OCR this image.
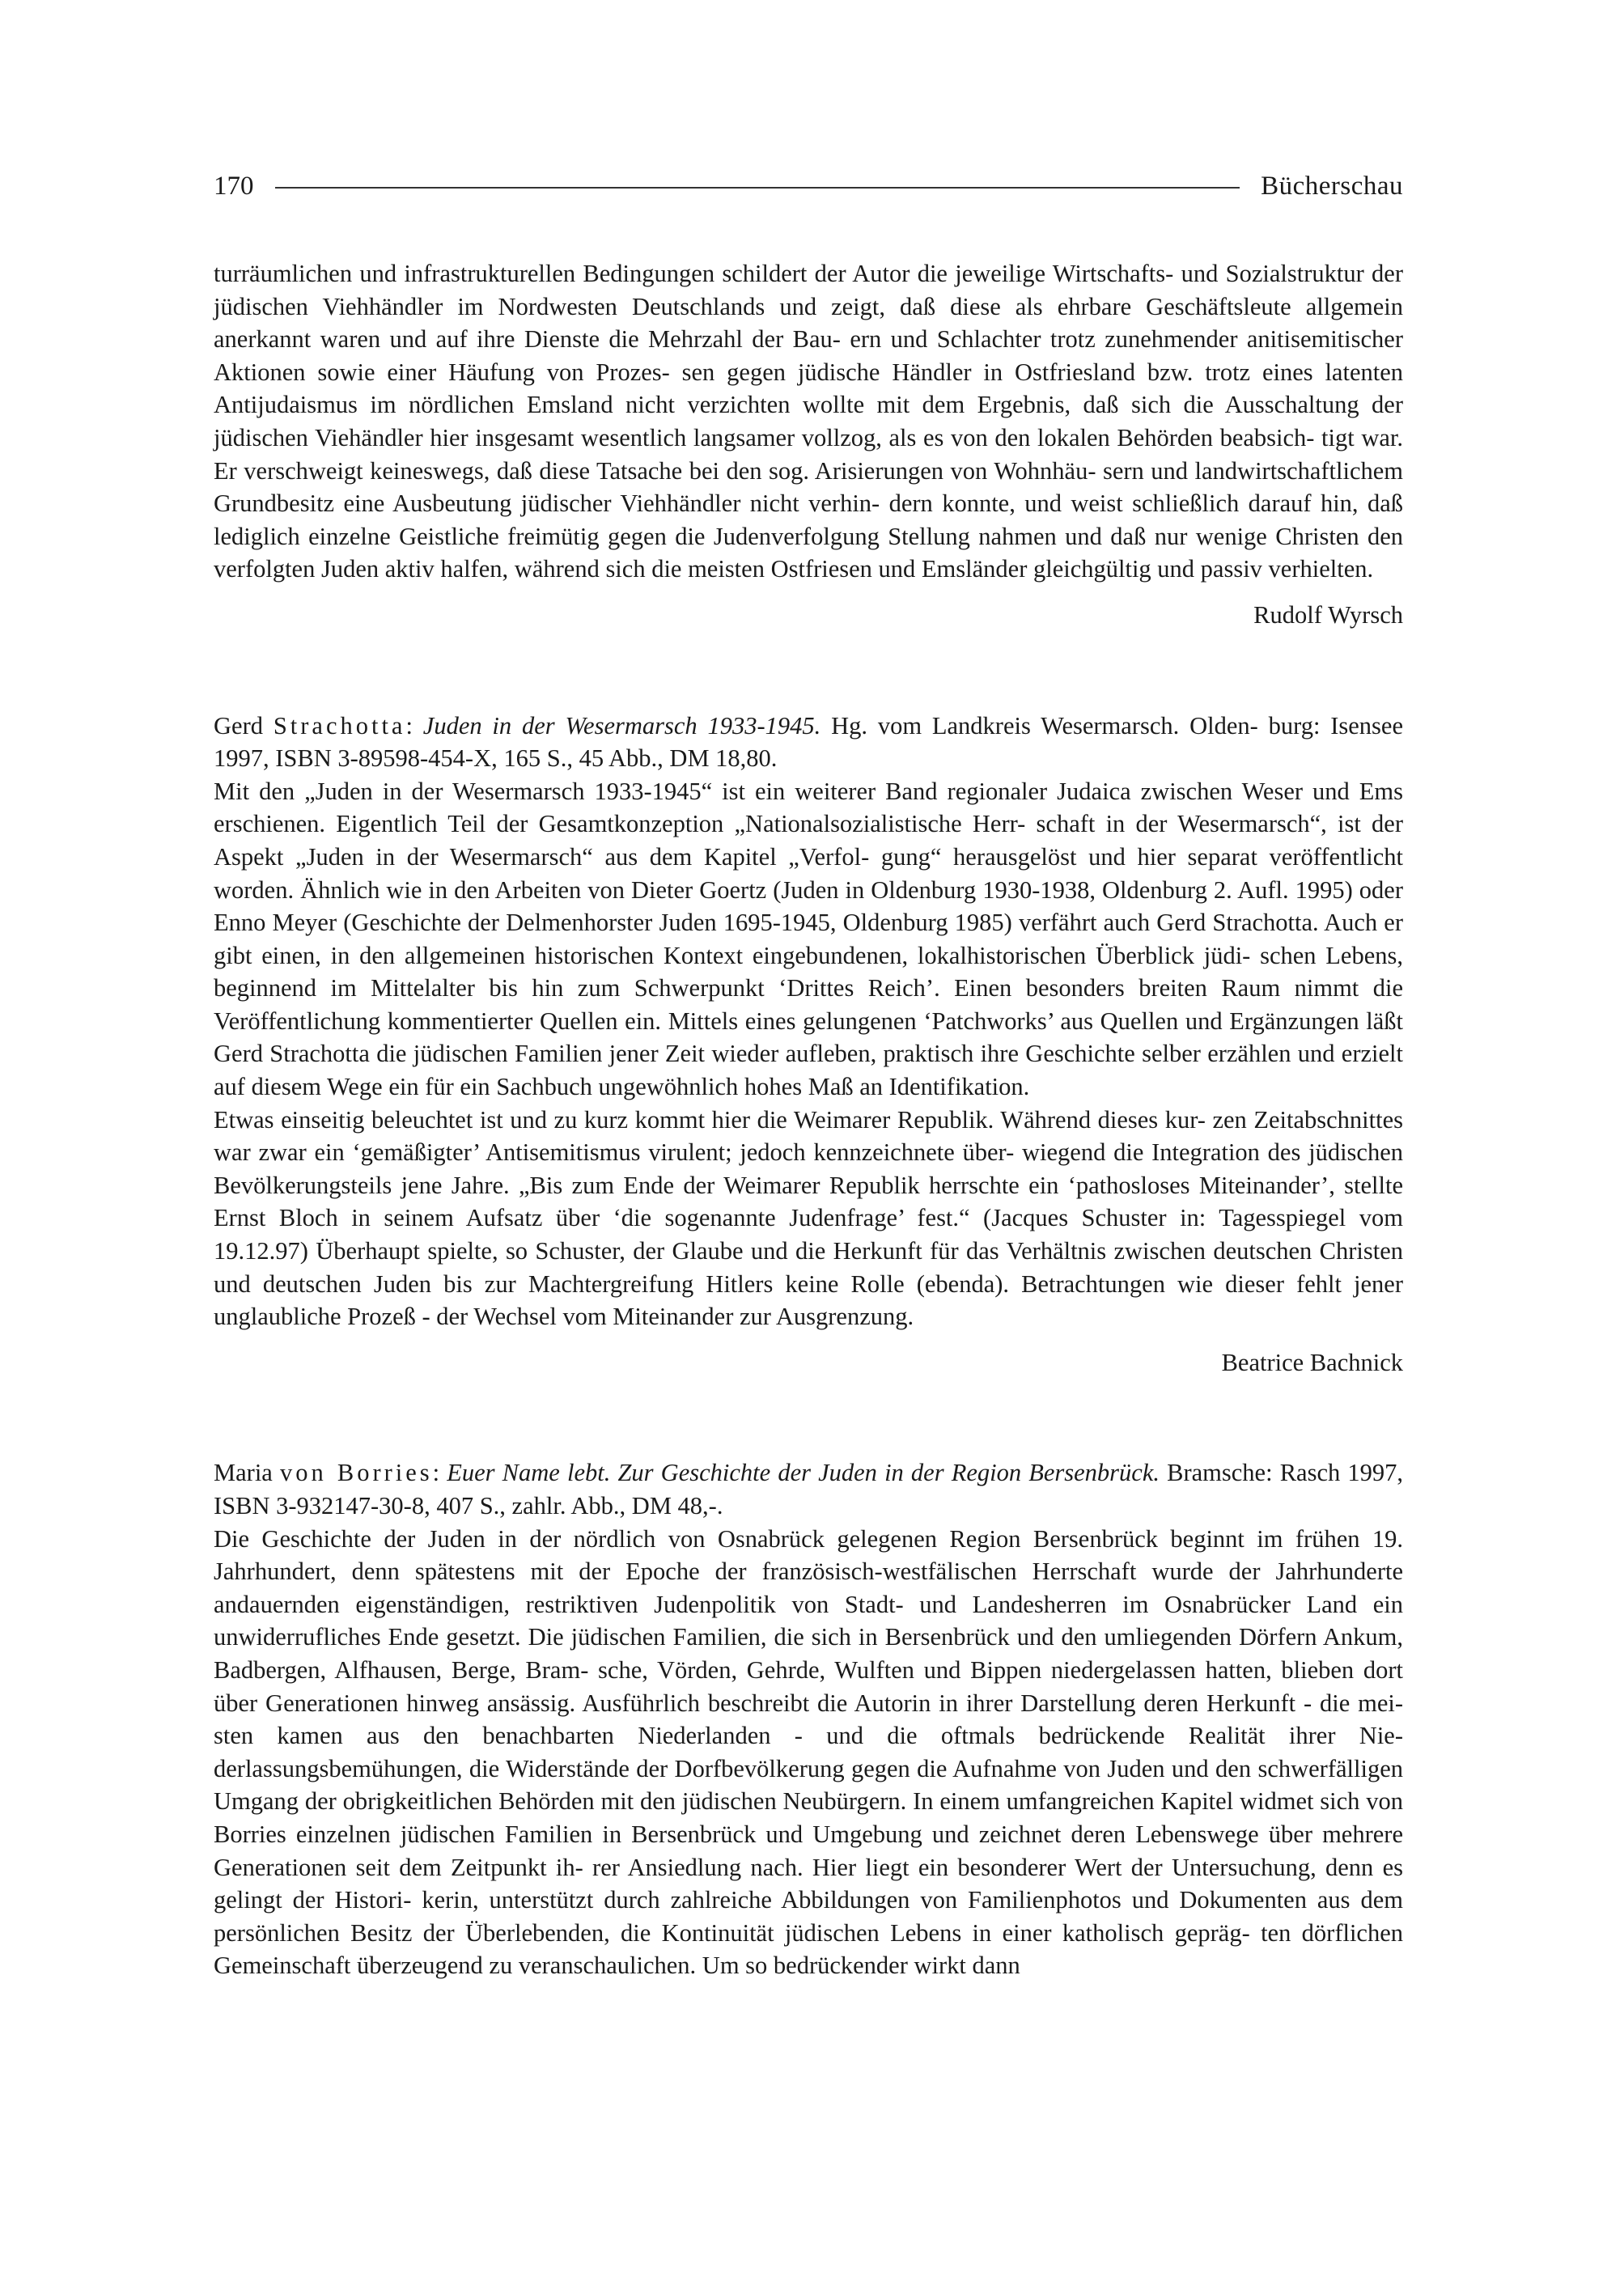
170	Bücherschau

turräumlichen und infrastrukturellen Bedingungen schildert der Autor die jeweilige Wirtschafts- und Sozialstruktur der jüdischen Viehhändler im Nordwesten Deutschlands und zeigt, daß diese als ehrbare Geschäftsleute allgemein anerkannt waren und auf ihre Dienste die Mehrzahl der Bau- ern und Schlachter trotz zunehmender anitisemitischer Aktionen sowie einer Häufung von Prozes- sen gegen jüdische Händler in Ostfriesland bzw. trotz eines latenten Antijudaismus im nördlichen Emsland nicht verzichten wollte mit dem Ergebnis, daß sich die Ausschaltung der jüdischen Viehändler hier insgesamt wesentlich langsamer vollzog, als es von den lokalen Behörden beabsich- tigt war. Er verschweigt keineswegs, daß diese Tatsache bei den sog. Arisierungen von Wohnhäu- sern und landwirtschaftlichem Grundbesitz eine Ausbeutung jüdischer Viehhändler nicht verhin- dern konnte, und weist schließlich darauf hin, daß lediglich einzelne Geistliche freimütig gegen die Judenverfolgung Stellung nahmen und daß nur wenige Christen den verfolgten Juden aktiv halfen, während sich die meisten Ostfriesen und Emsländer gleichgültig und passiv verhielten.

Rudolf Wyrsch

Gerd Strachotta: Juden in der Wesermarsch 1933-1945. Hg. vom Landkreis Wesermarsch. Olden- burg: Isensee 1997, ISBN 3-89598-454-X, 165 S., 45 Abb., DM 18,80.

Mit den „Juden in der Wesermarsch 1933-1945“ ist ein weiterer Band regionaler Judaica zwischen Weser und Ems erschienen. Eigentlich Teil der Gesamtkonzeption „Nationalsozialistische Herr- schaft in der Wesermarsch“, ist der Aspekt „Juden in der Wesermarsch“ aus dem Kapitel „Verfol- gung“ herausgelöst und hier separat veröffentlicht worden. Ähnlich wie in den Arbeiten von Dieter Goertz (Juden in Oldenburg 1930-1938, Oldenburg 2. Aufl. 1995) oder Enno Meyer (Geschichte der Delmenhorster Juden 1695-1945, Oldenburg 1985) verfährt auch Gerd Strachotta. Auch er gibt einen, in den allgemeinen historischen Kontext eingebundenen, lokalhistorischen Überblick jüdi- schen Lebens, beginnend im Mittelalter bis hin zum Schwerpunkt ‘Drittes Reich’. Einen besonders breiten Raum nimmt die Veröffentlichung kommentierter Quellen ein. Mittels eines gelungenen ‘Patchworks’ aus Quellen und Ergänzungen läßt Gerd Strachotta die jüdischen Familien jener Zeit wieder aufleben, praktisch ihre Geschichte selber erzählen und erzielt auf diesem Wege ein für ein Sachbuch ungewöhnlich hohes Maß an Identifikation.

Etwas einseitig beleuchtet ist und zu kurz kommt hier die Weimarer Republik. Während dieses kur- zen Zeitabschnittes war zwar ein ‘gemäßigter’ Antisemitismus virulent; jedoch kennzeichnete über- wiegend die Integration des jüdischen Bevölkerungsteils jene Jahre. „Bis zum Ende der Weimarer Republik herrschte ein ‘pathosloses Miteinander’, stellte Ernst Bloch in seinem Aufsatz über ‘die sogenannte Judenfrage’ fest.“ (Jacques Schuster in: Tagesspiegel vom 19.12.97) Überhaupt spielte, so Schuster, der Glaube und die Herkunft für das Verhältnis zwischen deutschen Christen und deutschen Juden bis zur Machtergreifung Hitlers keine Rolle (ebenda). Betrachtungen wie dieser fehlt jener unglaubliche Prozeß - der Wechsel vom Miteinander zur Ausgrenzung.

Beatrice Bachnick

Maria von Borries: Euer Name lebt. Zur Geschichte der Juden in der Region Bersenbrück. Bramsche: Rasch 1997, ISBN 3-932147-30-8, 407 S., zahlr. Abb., DM 48,-.

Die Geschichte der Juden in der nördlich von Osnabrück gelegenen Region Bersenbrück beginnt im frühen 19. Jahrhundert, denn spätestens mit der Epoche der französisch-westfälischen Herrschaft wurde der Jahrhunderte andauernden eigenständigen, restriktiven Judenpolitik von Stadt- und Landesherren im Osnabrücker Land ein unwiderrufliches Ende gesetzt. Die jüdischen Familien, die sich in Bersenbrück und den umliegenden Dörfern Ankum, Badbergen, Alfhausen, Berge, Bram- sche, Vörden, Gehrde, Wulften und Bippen niedergelassen hatten, blieben dort über Generationen hinweg ansässig. Ausführlich beschreibt die Autorin in ihrer Darstellung deren Herkunft - die mei- sten kamen aus den benachbarten Niederlanden - und die oftmals bedrückende Realität ihrer Nie- derlassungsbemühungen, die Widerstände der Dorfbevölkerung gegen die Aufnahme von Juden und den schwerfälligen Umgang der obrigkeitlichen Behörden mit den jüdischen Neubürgern. In einem umfangreichen Kapitel widmet sich von Borries einzelnen jüdischen Familien in Bersenbrück und Umgebung und zeichnet deren Lebenswege über mehrere Generationen seit dem Zeitpunkt ih- rer Ansiedlung nach. Hier liegt ein besonderer Wert der Untersuchung, denn es gelingt der Histori- kerin, unterstützt durch zahlreiche Abbildungen von Familienphotos und Dokumenten aus dem persönlichen Besitz der Überlebenden, die Kontinuität jüdischen Lebens in einer katholisch gepräg- ten dörflichen Gemeinschaft überzeugend zu veranschaulichen. Um so bedrückender wirkt dann
